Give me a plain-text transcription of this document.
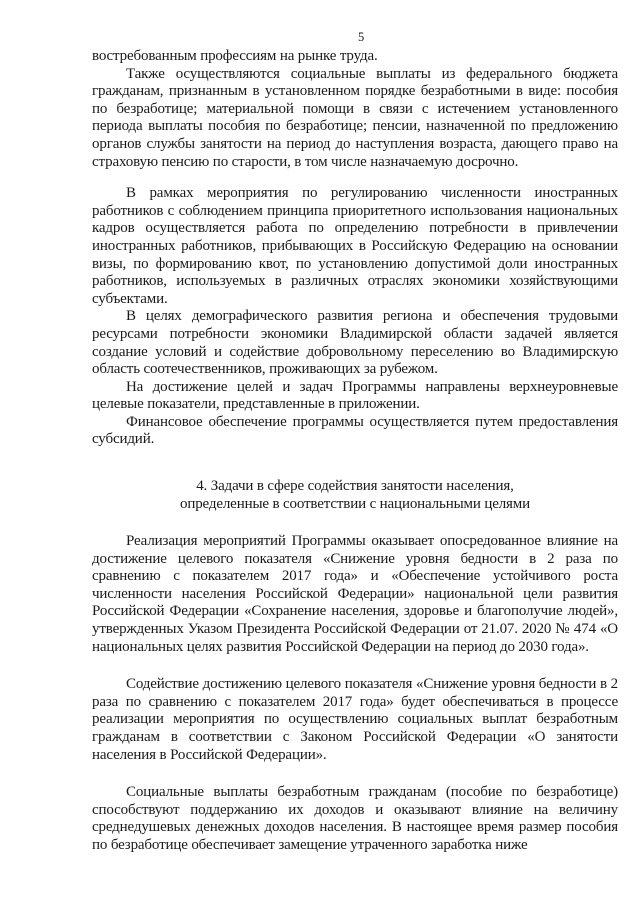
5

востребованным профессиям на рынке труда.

Также осуществляются социальные выплаты из федерального бюджета гражданам, признанным в установленном порядке безработными в виде: пособия по безработице; материальной помощи в связи с истечением установленного периода выплаты пособия по безработице; пенсии, назначенной по предложению органов службы занятости на период до наступления возраста, дающего право на страховую пенсию по старости, в том числе назначаемую досрочно.

В рамках мероприятия по регулированию численности иностранных работников с соблюдением принципа приоритетного использования национальных кадров осуществляется работа по определению потребности в привлечении иностранных работников, прибывающих в Российскую Федерацию на основании визы, по формированию квот, по установлению допустимой доли иностранных работников, используемых в различных отраслях экономики хозяйствующими субъектами.

В целях демографического развития региона и обеспечения трудовыми ресурсами потребности экономики Владимирской области задачей является создание условий и содействие добровольному переселению во Владимирскую область соотечественников, проживающих за рубежом.

На достижение целей и задач Программы направлены верхнеуровневые целевые показатели, представленные в приложении.

Финансовое обеспечение программы осуществляется путем предоставления субсидий.

4. Задачи в сфере содействия занятости населения,
определенные в соответствии с национальными целями

Реализация мероприятий Программы оказывает опосредованное влияние на достижение целевого показателя «Снижение уровня бедности в 2 раза по сравнению с показателем 2017 года» и «Обеспечение устойчивого роста численности населения Российской Федерации» национальной цели развития Российской Федерации «Сохранение населения, здоровье и благополучие людей», утвержденных Указом Президента Российской Федерации от 21.07. 2020 № 474 «О национальных целях развития Российской Федерации на период до 2030 года».

Содействие достижению целевого показателя «Снижение уровня бедности в 2 раза по сравнению с показателем 2017 года» будет обеспечиваться в процессе реализации мероприятия по осуществлению социальных выплат безработным гражданам в соответствии с Законом Российской Федерации «О занятости населения в Российской Федерации».

Социальные выплаты безработным гражданам (пособие по безработице) способствуют поддержанию их доходов и оказывают влияние на величину среднедушевых денежных доходов населения. В настоящее время размер пособия по безработице обеспечивает замещение утраченного заработка ниже
